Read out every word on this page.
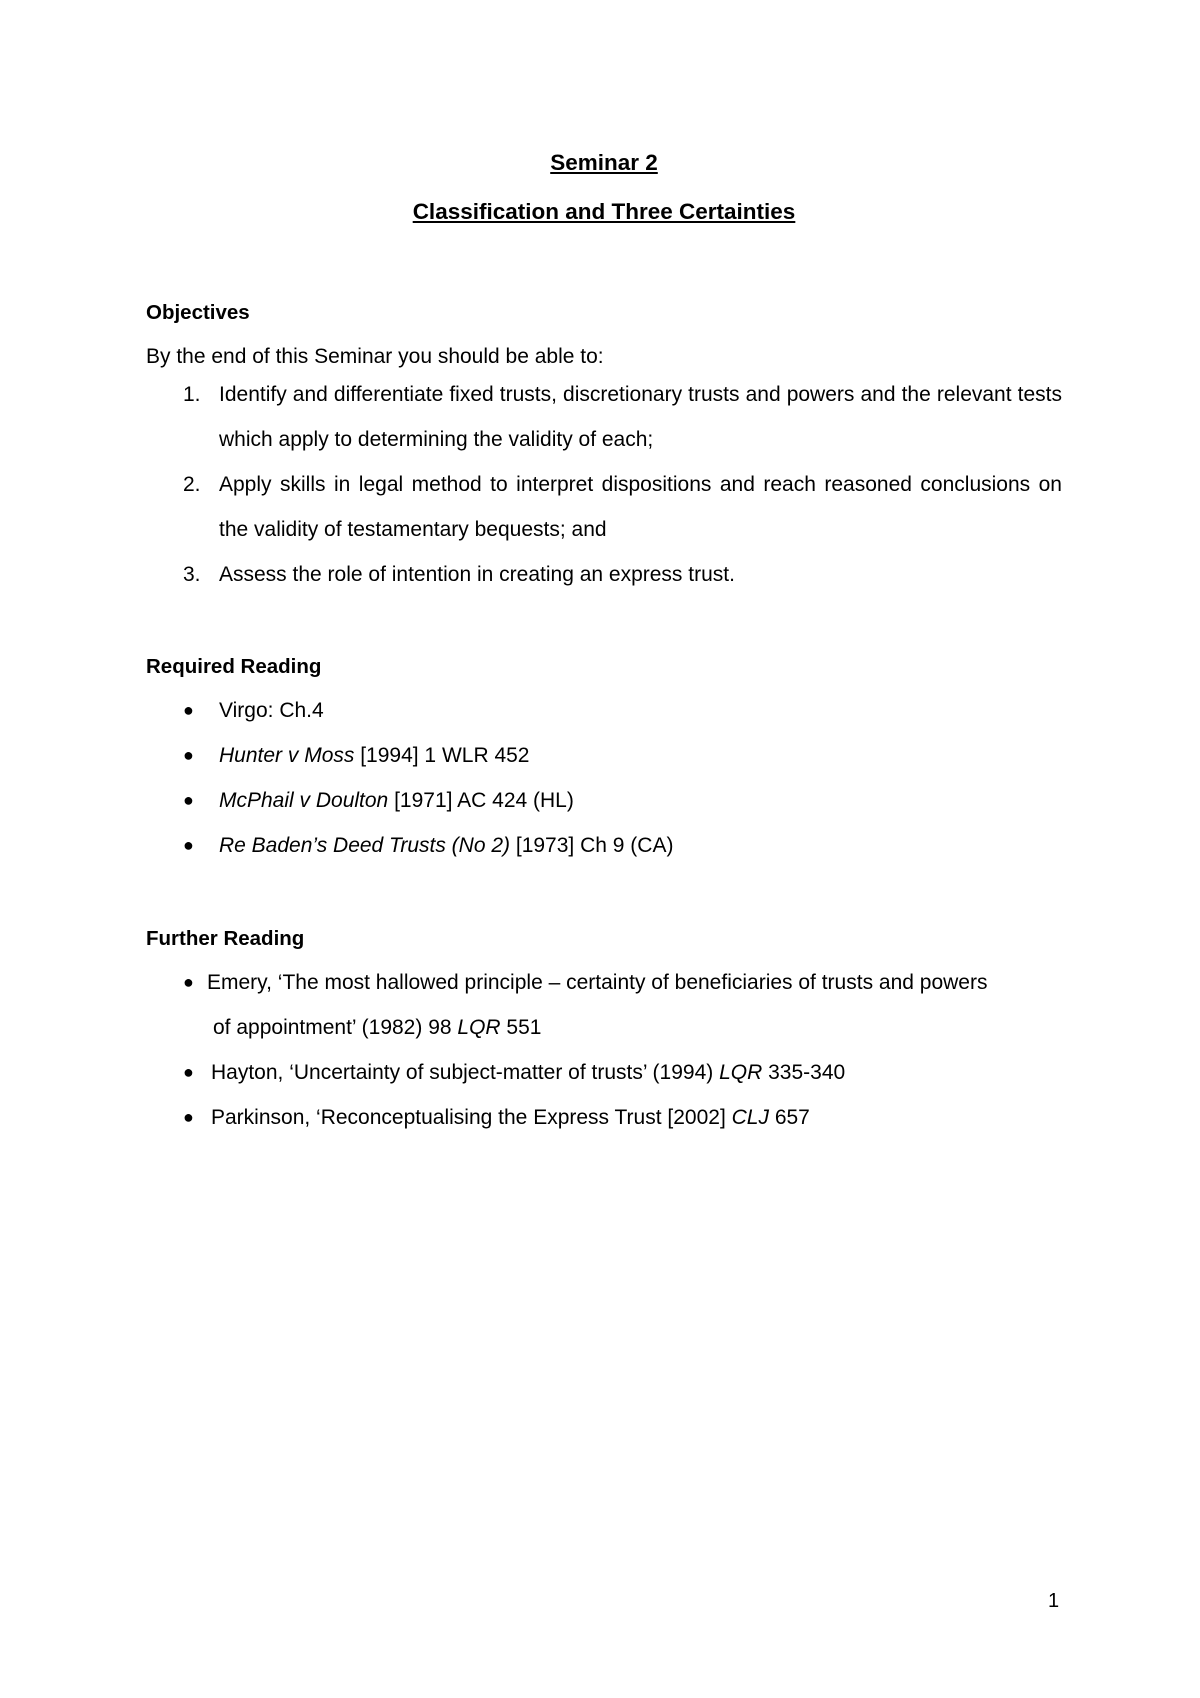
Seminar 2

Classification and Three Certainties

Objectives

By the end of this Seminar you should be able to:

1. Identify and differentiate fixed trusts, discretionary trusts and powers and the relevant tests which apply to determining the validity of each;
2. Apply skills in legal method to interpret dispositions and reach reasoned conclusions on the validity of testamentary bequests; and
3. Assess the role of intention in creating an express trust.

Required Reading

● Virgo: Ch.4
● Hunter v Moss [1994] 1 WLR 452
● McPhail v Doulton [1971] AC 424 (HL)
● Re Baden’s Deed Trusts (No 2) [1973] Ch 9 (CA)

Further Reading

● Emery, ‘The most hallowed principle – certainty of beneficiaries of trusts and powers
of appointment’ (1982) 98 LQR 551
● Hayton, ‘Uncertainty of subject-matter of trusts’ (1994) LQR 335-340
● Parkinson, ‘Reconceptualising the Express Trust [2002] CLJ 657
1
